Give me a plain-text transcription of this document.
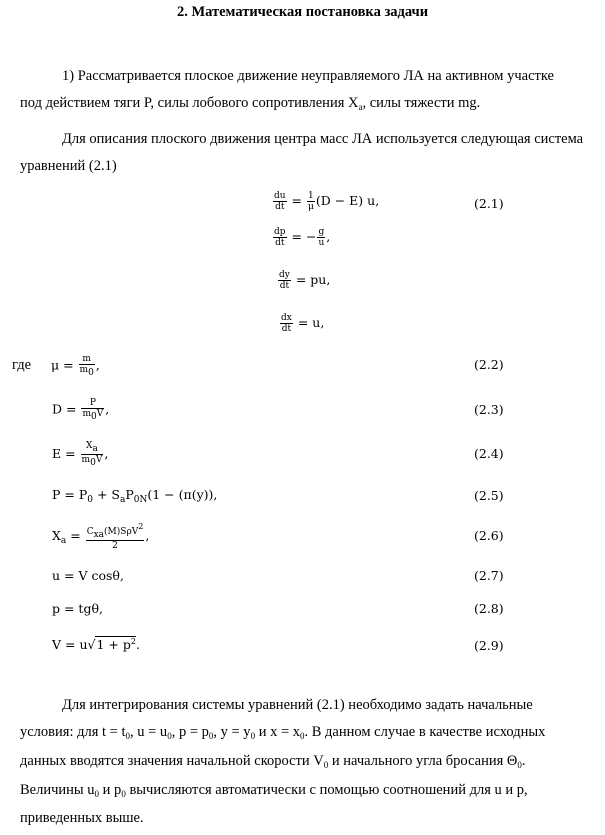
2. Математическая постановка задачи
1) Рассматривается плоское движение неуправляемого ЛА на активном участке
под действием тяги P, силы лобового сопротивления $X_a$, силы тяжести mg.
Для описания плоского движения центра масс ЛА используется следующая система
уравнений (2.1)
$\frac{du}{dt} = \frac{1}{\mu} (D - E)$ u,	(2.1)
$\frac{dp}{dt}$ = − $\frac{g}{u}$ ,
$\frac{dy}{dt}$ = pu,
$\frac{dx}{dt} = u$,
где $\mu = \frac{m}{m0}$ ,	(2.2)
$D = \frac{P}{m0V}$ ,	(2.3)
$E = \frac{Xa}{m0V}$ ,	(2.4)
$P = P_0 + S_aP_{0N}(1 - (\pi(y))$,	(2.5)
$X_a = \frac{\text{Cxa(M)SρV2}}{2}$ ,	(2.6)
u = V cosθ,	(2.7)
p = tgθ,	(2.8)
$V = u√1 + p^2$.	(2.9)
Для интегрирования системы уравнений (2.1) необходимо задать начальные
условия: для $t = t_0$, $u = u_0$, $p = p_0$, $y = y_0$ и $x = x_0$. В данном случае в качестве исходных
данных вводятся значения начальной скорости $V_0$ и начального угла бросания $\Theta_0$.
Величины $u_0$ и $p_0$ вычисляются автоматически с помощью соотношений для u и p,
приведенных выше.
